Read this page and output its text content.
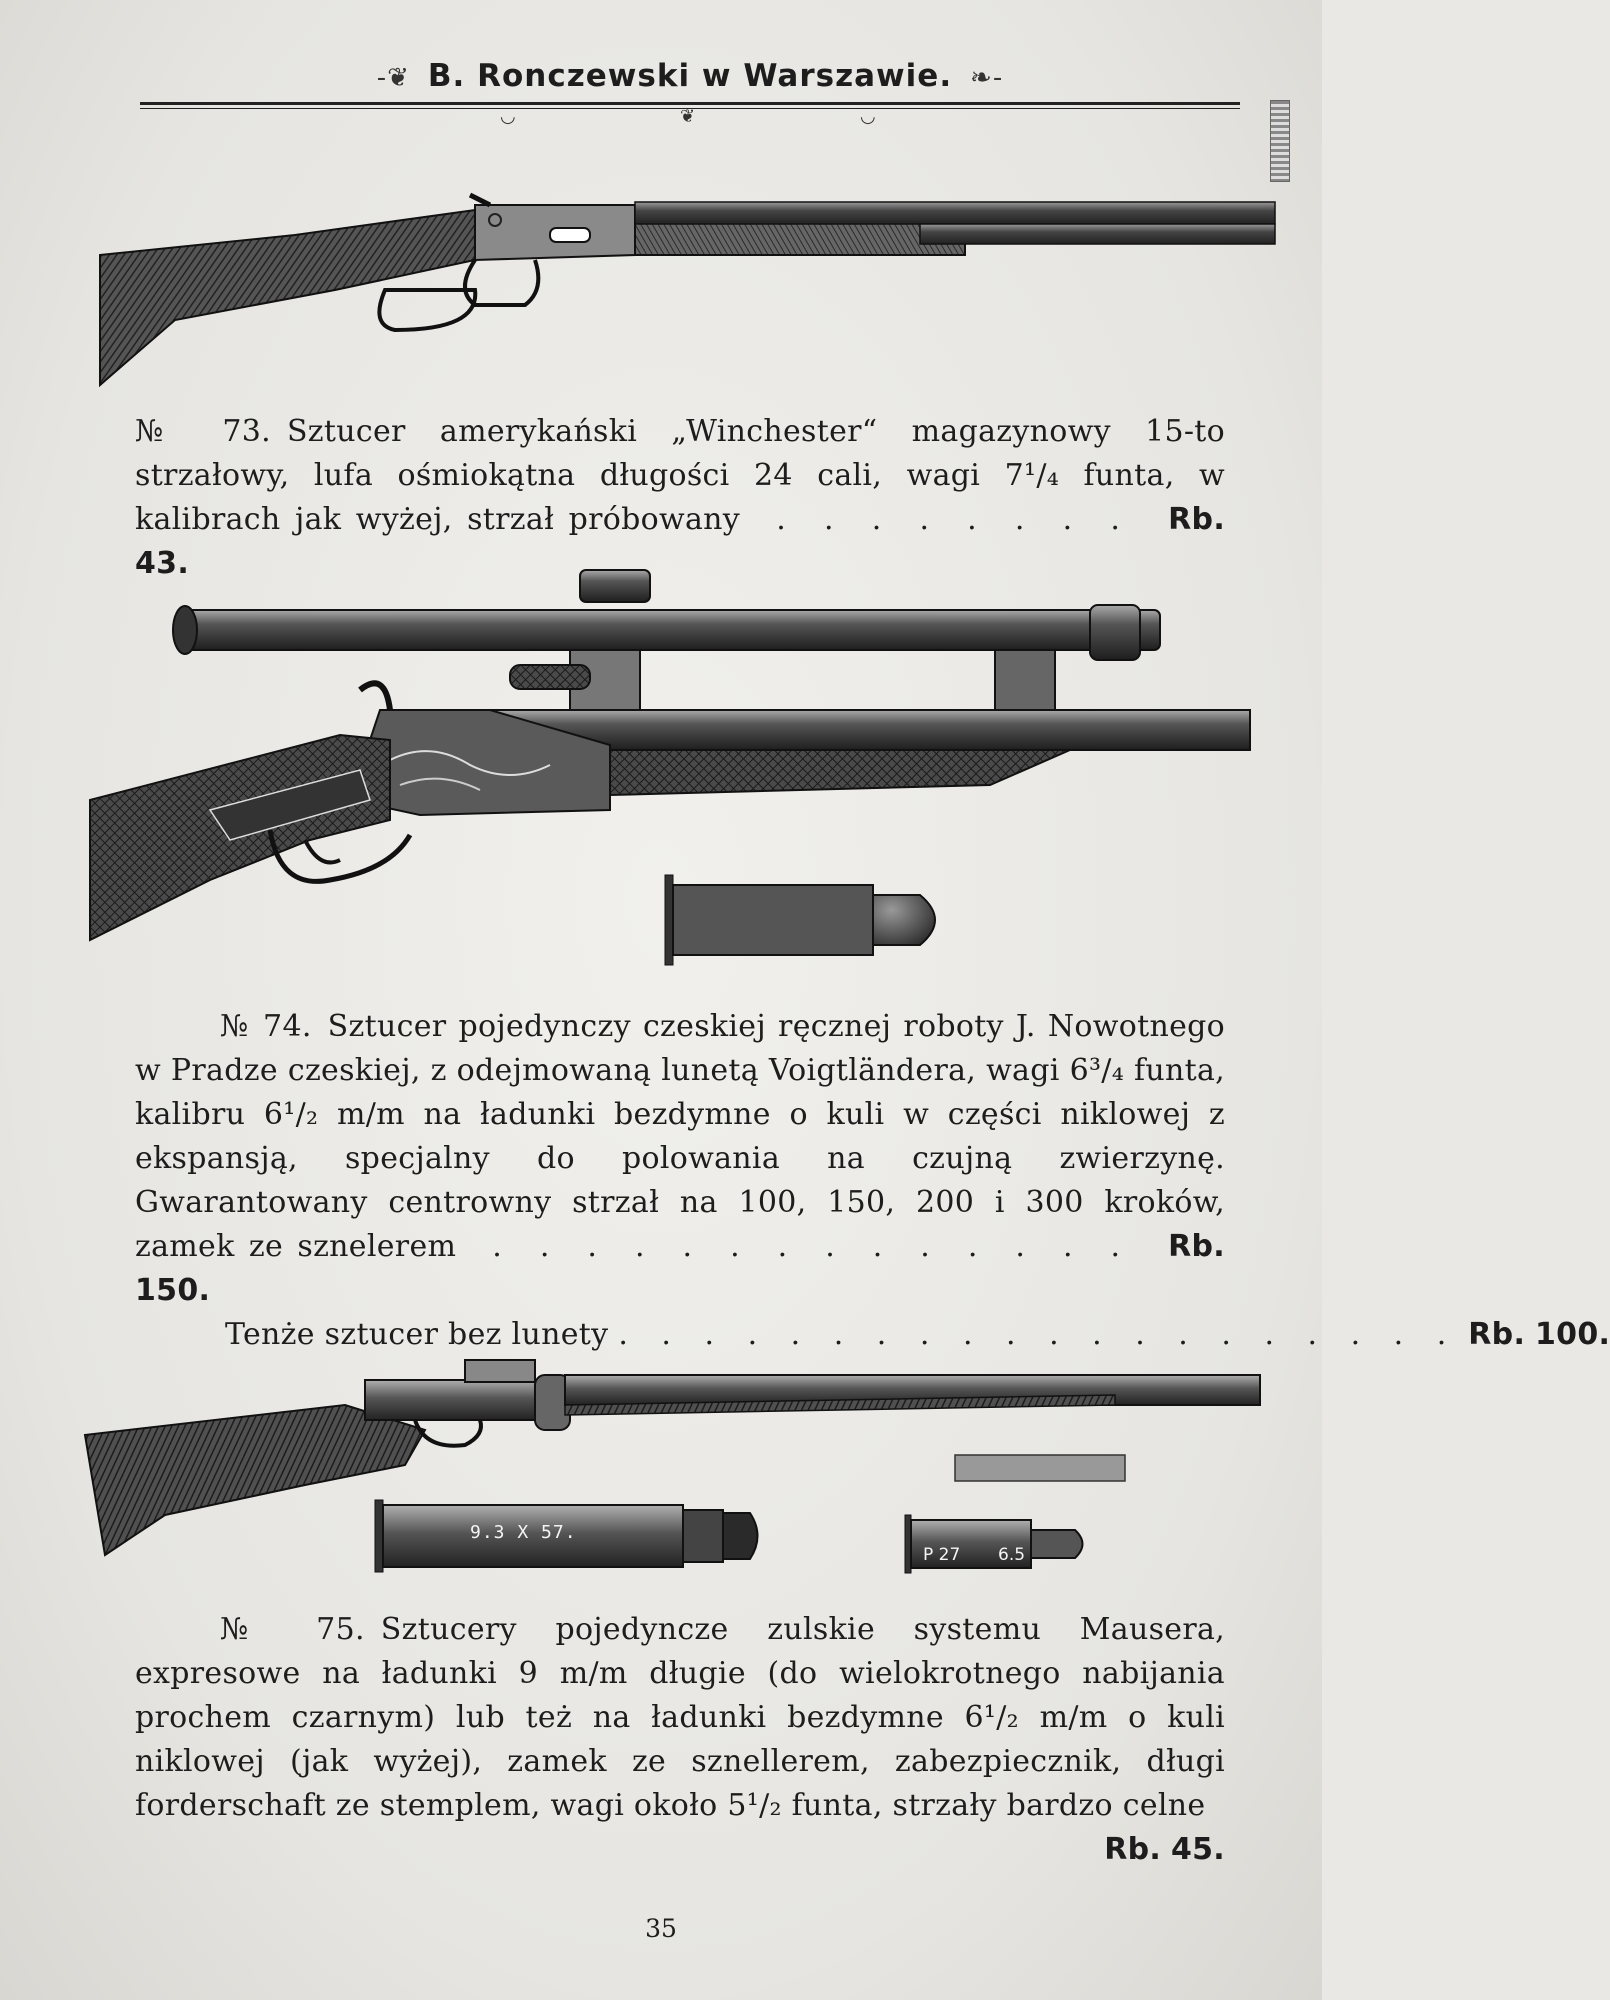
-❦ B. Ronczewski w Warszawie. ❧-
◡	❦	◡

№ 73. Sztucer amerykański „Winchester“ magazynowy 15-to strzałowy, lufa ośmiokątna długości 24 cali, wagi 7¹/₄ funta, w kalibrach jak wyżej, strzał próbowany . . . . . . . . Rb. 43.

№ 74. Sztucer pojedynczy czeskiej ręcznej roboty J. Nowotnego w Pradze czeskiej, z odejmowaną lunetą Voigtländera, wagi 6³/₄ funta, kalibru 6¹/₂ m/m na ładunki bezdymne o kuli w części niklowej z ekspansją, specjalny do polowania na czujną zwierzynę. Gwarantowany centrowny strzał na 100, 150, 200 i 300 kroków, zamek ze sznelerem . . . . . . . . . . . . . . Rb. 150.

Tenże sztucer bez lunety . . . . . . . . . . . . . . . . . . . . Rb.
100.
9.3 X 57.
P 27 6.5

№ 75. Sztucery pojedyncze zulskie systemu Mausera, expresowe na ładunki 9 m/m długie (do wielokrotnego nabijania prochem czarnym) lub też na ładunki bezdymne 6¹/₂ m/m o kuli niklowej (jak wyżej), zamek ze sznellerem, zabezpiecznik, długi forderschaft ze stemplem, wagi około 5¹/₂ funta, strzały bardzo celne

Rb. 45.
35
